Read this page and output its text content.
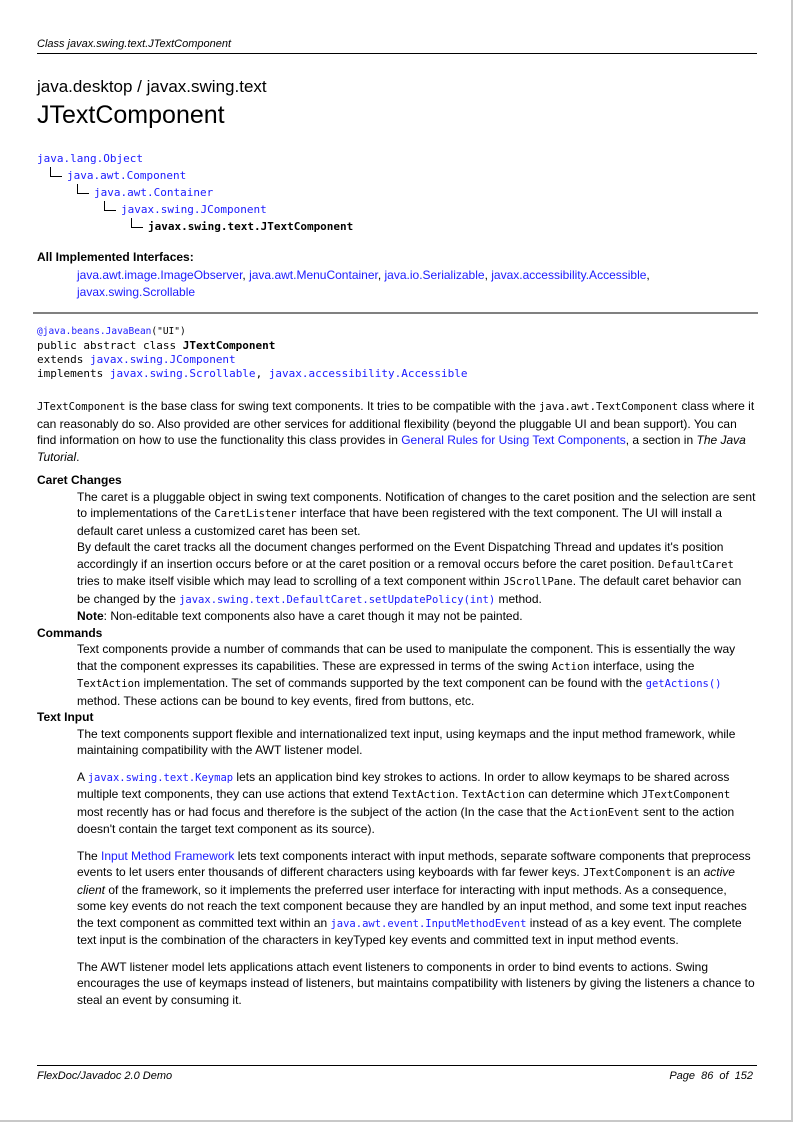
Class javax.swing.text.JTextComponent
java.desktop / javax.swing.text
JTextComponent
java.lang.Object
java.awt.Component
java.awt.Container
javax.swing.JComponent
javax.swing.text.JTextComponent
All Implemented Interfaces:
java.awt.image.ImageObserver, java.awt.MenuContainer, java.io.Serializable, javax.accessibility.Accessible,
javax.swing.Scrollable
@java.beans.JavaBean("UI")
public abstract class JTextComponent
extends javax.swing.JComponent
implements javax.swing.Scrollable, javax.accessibility.Accessible

JTextComponent is the base class for swing text components. It tries to be compatible with the java.awt.TextComponent class where it can reasonably do so. Also provided are other services for additional flexibility (beyond the pluggable UI and bean support). You can find information on how to use the functionality this class provides in General Rules for Using Text Components, a section in The Java Tutorial.

Caret Changes

The caret is a pluggable object in swing text components. Notification of changes to the caret position and the selection are sent to implementations of the CaretListener interface that have been registered with the text component. The UI will install a default caret unless a customized caret has been set.

By default the caret tracks all the document changes performed on the Event Dispatching Thread and updates it's position accordingly if an insertion occurs before or at the caret position or a removal occurs before the caret position. DefaultCaret tries to make itself visible which may lead to scrolling of a text component within JScrollPane. The default caret behavior can be changed by the javax.swing.text.DefaultCaret.setUpdatePolicy(int) method.

Note: Non-editable text components also have a caret though it may not be painted.

Commands

Text components provide a number of commands that can be used to manipulate the component. This is essentially the way that the component expresses its capabilities. These are expressed in terms of the swing Action interface, using the TextAction implementation. The set of commands supported by the text component can be found with the getActions() method. These actions can be bound to key events, fired from buttons, etc.

Text Input

The text components support flexible and internationalized text input, using keymaps and the input method framework, while maintaining compatibility with the AWT listener model.

A javax.swing.text.Keymap lets an application bind key strokes to actions. In order to allow keymaps to be shared across multiple text components, they can use actions that extend TextAction. TextAction can determine which JTextComponent most recently has or had focus and therefore is the subject of the action (In the case that the ActionEvent sent to the action doesn't contain the target text component as its source).

The Input Method Framework lets text components interact with input methods, separate software components that preprocess events to let users enter thousands of different characters using keyboards with far fewer keys. JTextComponent is an active client of the framework, so it implements the preferred user interface for interacting with input methods. As a consequence, some key events do not reach the text component because they are handled by an input method, and some text input reaches the text component as committed text within an java.awt.event.InputMethodEvent instead of as a key event. The complete text input is the combination of the characters in keyTyped key events and committed text in input method events.

The AWT listener model lets applications attach event listeners to components in order to bind events to actions. Swing encourages the use of keymaps instead of listeners, but maintains compatibility with listeners by giving the listeners a chance to steal an event by consuming it.

FlexDoc/Javadoc 2.0 Demo	Page 86 of 152
